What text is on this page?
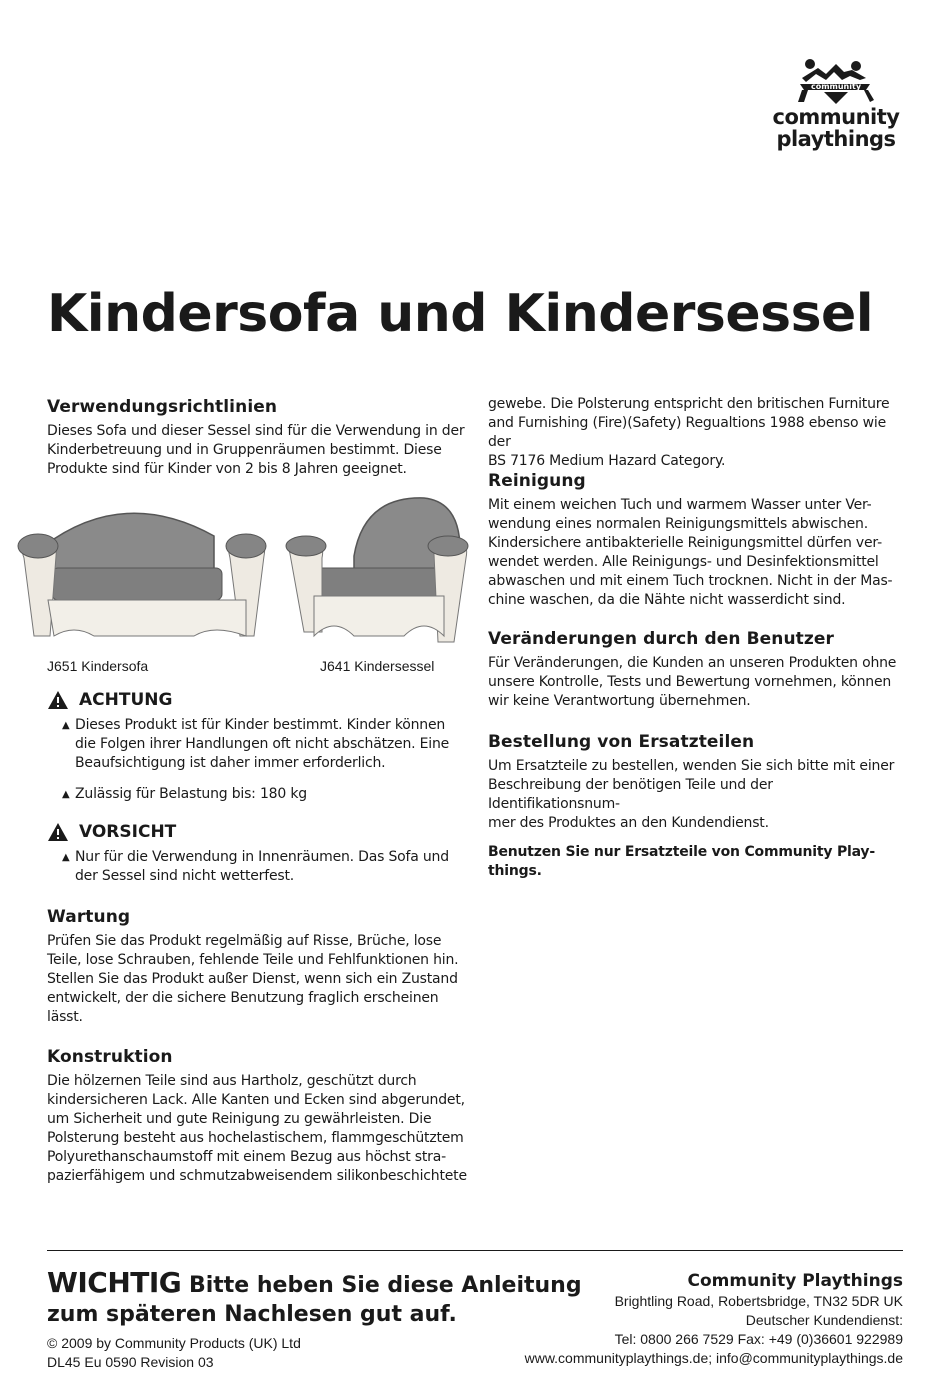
community
community
playthings
Kindersofa und Kindersessel
J651 Kindersofa	J641 Kindersessel
Verwendungsrichtlinien

Dieses Sofa und dieser Sessel sind für die Verwendung in der
Kinderbetreuung und in Gruppenräumen bestimmt. Diese
Produkte sind für Kinder von 2 bis 8 Jahren geeignet.

ACHTUNG
▲ Dieses Produkt ist für Kinder bestimmt. Kinder können
die Folgen ihrer Handlungen oft nicht abschätzen. Eine
Beaufsichtigung ist daher immer erforderlich.
▲ Zulässig für Belastung bis: 180 kg
VORSICHT
▲ Nur für die Verwendung in Innenräumen. Das Sofa und
der Sessel sind nicht wetterfest.
Wartung

Prüfen Sie das Produkt regelmäßig auf Risse, Brüche, lose
Teile, lose Schrauben, fehlende Teile und Fehlfunktionen hin.
Stellen Sie das Produkt außer Dienst, wenn sich ein Zustand
entwickelt, der die sichere Benutzung fraglich erscheinen
lässt.

Konstruktion

Die hölzernen Teile sind aus Hartholz, geschützt durch
kindersicheren Lack. Alle Kanten und Ecken sind abgerundet,
um Sicherheit und gute Reinigung zu gewährleisten. Die
Polsterung besteht aus hochelastischem, flammgeschütztem
Polyurethanschaumstoff mit einem Bezug aus höchst stra-
pazierfähigem und schmutzabweisendem silikonbeschichtete

gewebe. Die Polsterung entspricht den britischen Furniture
and Furnishing (Fire)(Safety) Regualtions 1988 ebenso wie der
BS 7176 Medium Hazard Category.

Reinigung

Mit einem weichen Tuch und warmem Wasser unter Ver-
wendung eines normalen Reinigungsmittels abwischen.
Kindersichere antibakterielle Reinigungsmittel dürfen ver-
wendet werden. Alle Reinigungs- und Desinfektionsmittel
abwaschen und mit einem Tuch trocknen. Nicht in der Mas-
chine waschen, da die Nähte nicht wasserdicht sind.

Veränderungen durch den Benutzer

Für Veränderungen, die Kunden an unseren Produkten ohne
unsere Kontrolle, Tests und Bewertung vornehmen, können
wir keine Verantwortung übernehmen.

Bestellung von Ersatzteilen

Um Ersatzteile zu bestellen, wenden Sie sich bitte mit einer
Beschreibung der benötigen Teile und der Identifikationsnum-
mer des Produktes an den Kundendienst.

Benutzen Sie nur Ersatzteile von Community Play-
things.

WICHTIG Bitte heben Sie diese Anleitung zum späteren Nachlesen gut auf.
© 2009 by Community Products (UK) Ltd
DL45 Eu 0590 Revision 03
Community Playthings
Brightling Road, Robertsbridge, TN32 5DR UK
Deutscher Kundendienst:
Tel: 0800 266 7529 Fax: +49 (0)36601 922989
www.communityplaythings.de; info@communityplaythings.de
